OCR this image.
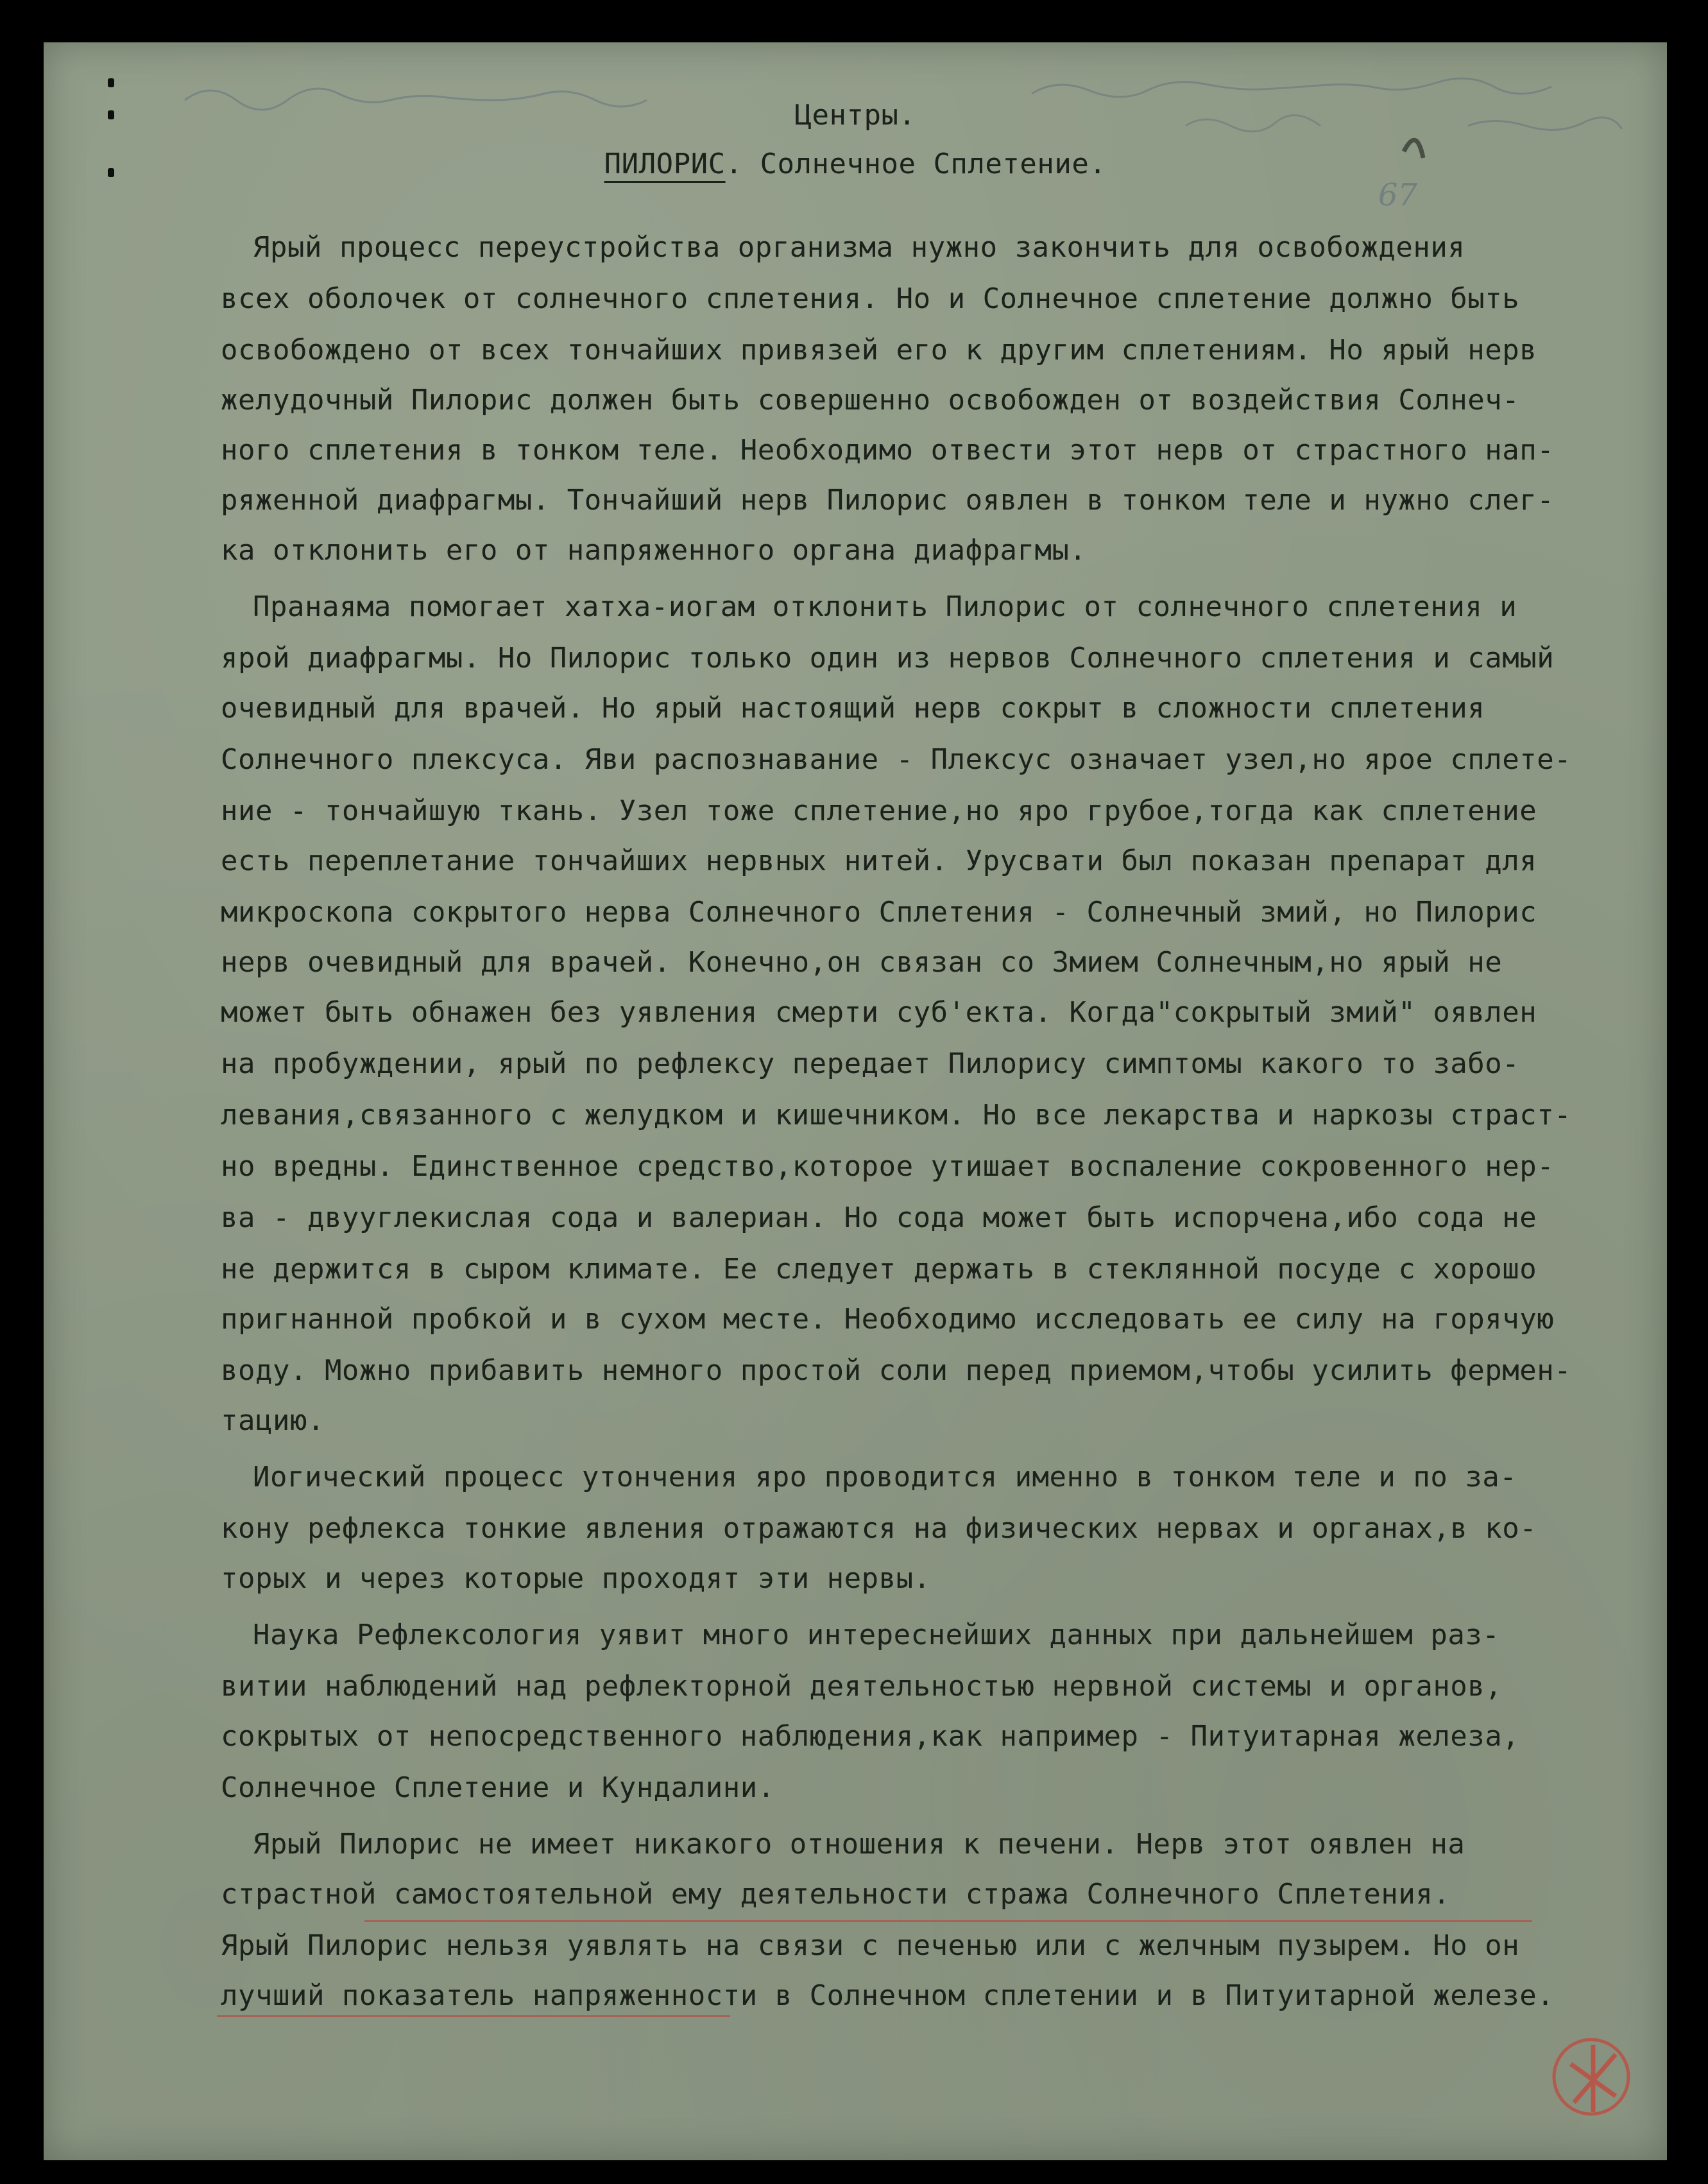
67
Центры.
ПИЛОРИС. Солнечное Сплетение.
Ярый процесс переустройства организма нужно закончить для освобождения
всех оболочек от солнечного сплетения. Но и Солнечное сплетение должно быть
освобождено от всех тончайших привязей его к другим сплетениям. Но ярый нерв
желудочный Пилорис должен быть совершенно освобожден от воздействия Солнеч-
ного сплетения в тонком теле. Необходимо отвести этот нерв от страстного нап-
ряженной диафрагмы. Тончайший нерв Пилорис оявлен в тонком теле и нужно слег-
ка отклонить его от напряженного органа диафрагмы.
Пранаяма помогает хатха-иогам отклонить Пилорис от солнечного сплетения и
ярой диафрагмы. Но Пилорис только один из нервов Солнечного сплетения и самый
очевидный для врачей. Но ярый настоящий нерв сокрыт в сложности сплетения
Солнечного плексуса. Яви распознавание - Плексус означает узел,но ярое сплете-
ние - тончайшую ткань. Узел тоже сплетение,но яро грубое,тогда как сплетение
есть переплетание тончайших нервных нитей. Урусвати был показан препарат для
микроскопа сокрытого нерва Солнечного Сплетения - Солнечный змий, но Пилорис
нерв очевидный для врачей. Конечно,он связан со Змием Солнечным,но ярый не
может быть обнажен без уявления смерти суб'екта. Когда"сокрытый змий" оявлен
на пробуждении, ярый по рефлексу передает Пилорису симптомы какого то забо-
левания,связанного с желудком и кишечником. Но все лекарства и наркозы страст-
но вредны. Единственное средство,которое утишает воспаление сокровенного нер-
ва - двууглекислая сода и валериан. Но сода может быть испорчена,ибо сода не
не держится в сыром климате. Ее следует держать в стеклянной посуде с хорошо
пригнанной пробкой и в сухом месте. Необходимо исследовать ее силу на горячую
воду. Можно прибавить немного простой соли перед приемом,чтобы усилить фермен-
тацию.
Иогический процесс утончения яро проводится именно в тонком теле и по за-
кону рефлекса тонкие явления отражаются на физических нервах и органах,в ко-
торых и через которые проходят эти нервы.
Наука Рефлексология уявит много интереснейших данных при дальнейшем раз-
витии наблюдений над рефлекторной деятельностью нервной системы и органов,
сокрытых от непосредственного наблюдения,как например - Питуитарная железа,
Солнечное Сплетение и Кундалини.
Ярый Пилорис не имеет никакого отношения к печени. Нерв этот оявлен на
страстной самостоятельной ему деятельности стража Солнечного Сплетения.
Ярый Пилорис нельзя уявлять на связи с печенью или с желчным пузырем. Но он
лучший показатель напряженности в Солнечном сплетении и в Питуитарной железе.
